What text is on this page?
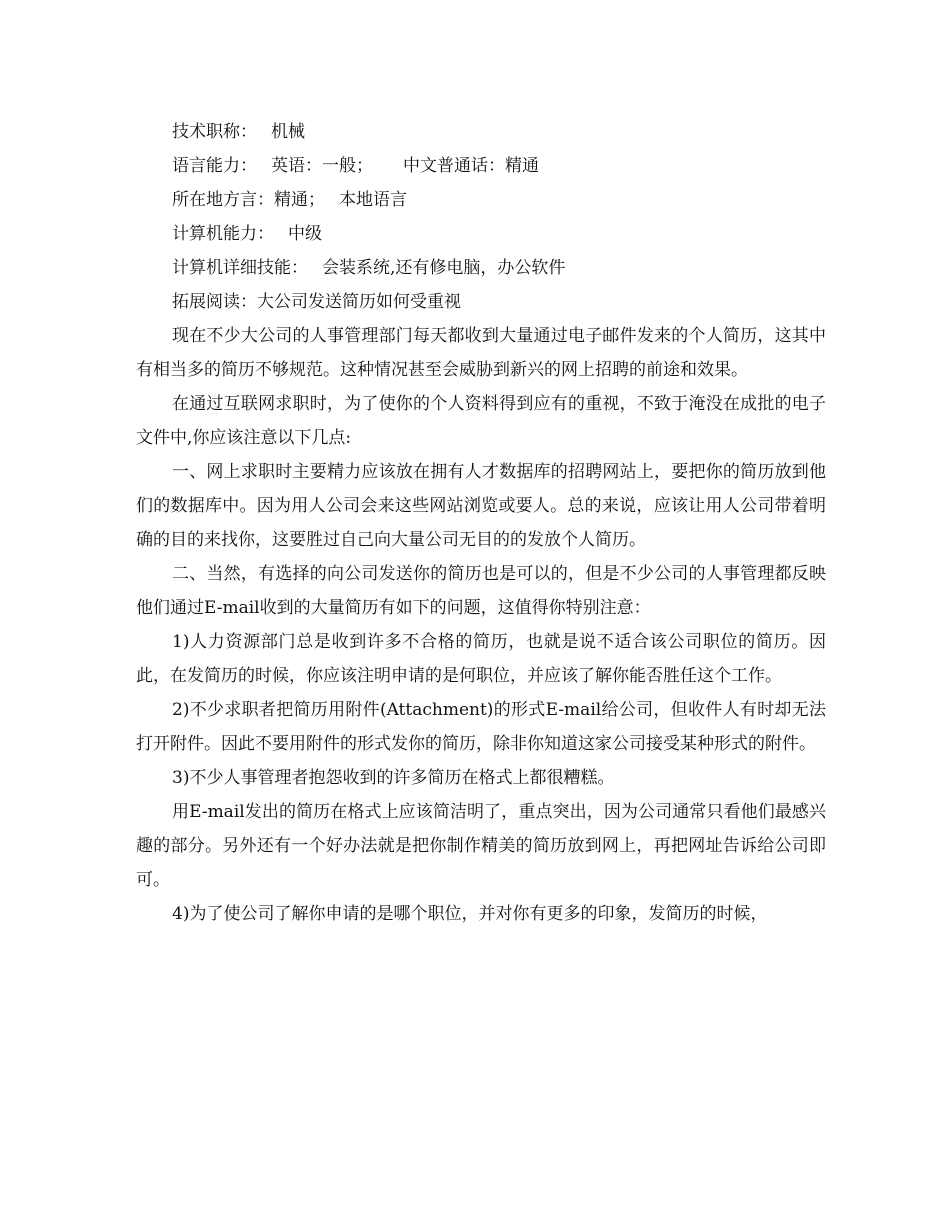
技术职称： 机械
语言能力： 英语：一般； 中文普通话：精通
所在地方言：精通； 本地语言
计算机能力： 中级
计算机详细技能： 会装系统,还有修电脑，办公软件
拓展阅读：大公司发送简历如何受重视

现在不少大公司的人事管理部门每天都收到大量通过电子邮件发来的个人简历，这其中有相当多的简历不够规范。这种情况甚至会威胁到新兴的网上招聘的前途和效果。

在通过互联网求职时，为了使你的个人资料得到应有的重视，不致于淹没在成批的电子文件中,你应该注意以下几点:

一、网上求职时主要精力应该放在拥有人才数据库的招聘网站上，要把你的简历放到他们的数据库中。因为用人公司会来这些网站浏览或要人。总的来说，应该让用人公司带着明确的目的来找你，这要胜过自己向大量公司无目的的发放个人简历。

二、当然，有选择的向公司发送你的简历也是可以的，但是不少公司的人事管理都反映他们通过E-mail收到的大量简历有如下的问题，这值得你特别注意：

1)人力资源部门总是收到许多不合格的简历，也就是说不适合该公司职位的简历。因此，在发简历的时候，你应该注明申请的是何职位，并应该了解你能否胜任这个工作。

2)不少求职者把简历用附件(Attachment)的形式E-mail给公司，但收件人有时却无法打开附件。因此不要用附件的形式发你的简历，除非你知道这家公司接受某种形式的附件。

3)不少人事管理者抱怨收到的许多简历在格式上都很糟糕。

用E-mail发出的简历在格式上应该简洁明了，重点突出，因为公司通常只看他们最感兴趣的部分。另外还有一个好办法就是把你制作精美的简历放到网上，再把网址告诉给公司即可。

4)为了使公司了解你申请的是哪个职位，并对你有更多的印象，发简历的时候，
